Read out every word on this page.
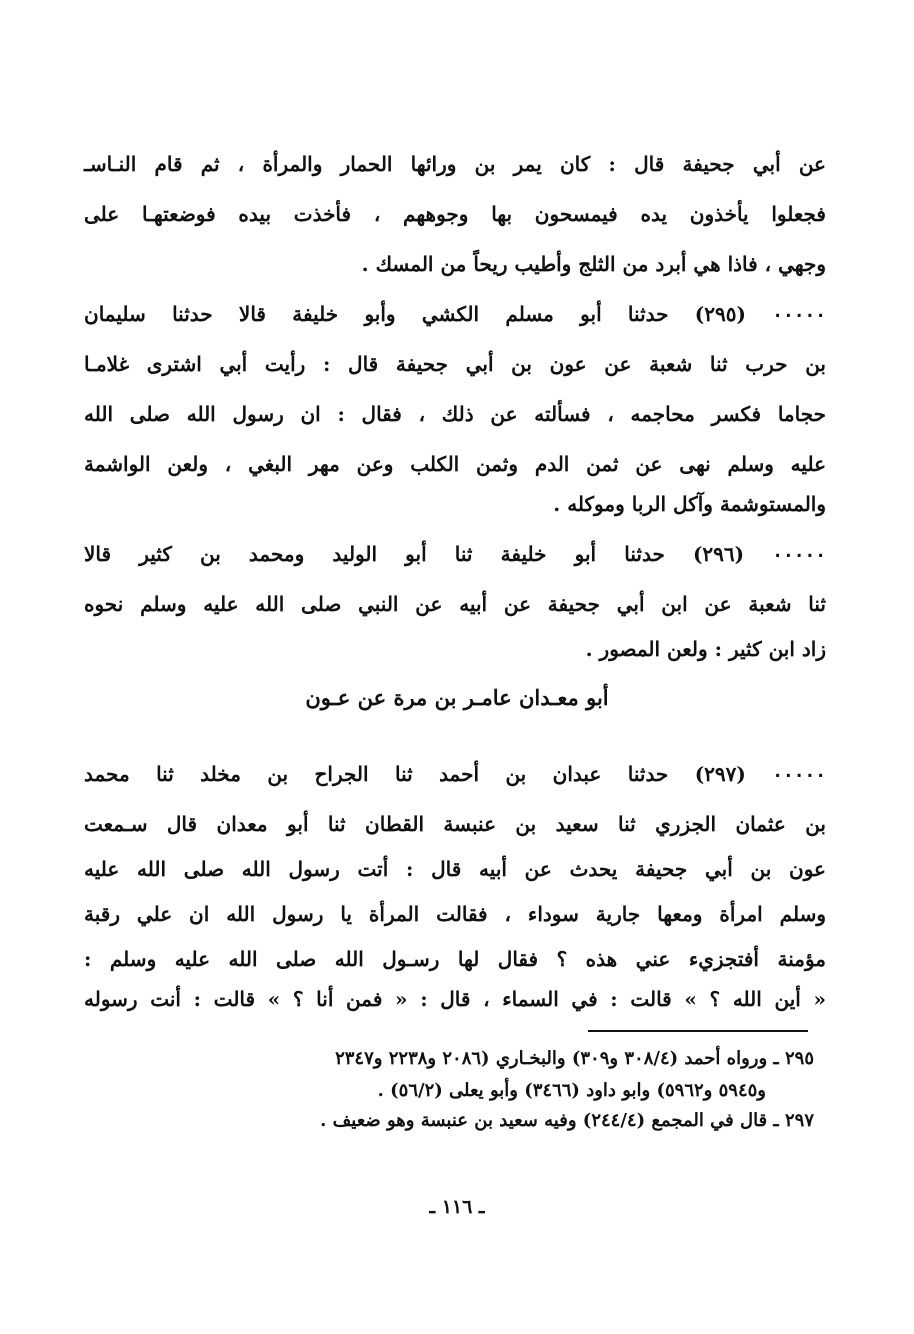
عن أبي جحيفة قال : كان يمر بن ورائها الحمار والمرأة ، ثم قام النـاسـ
فجعلوا يأخذون يده فيمسحون بها وجوههم ، فأخذت بيده فوضعتهـا على
وجهي ، فاذا هي أبرد من الثلج وأطيب ريحاً من المسك .
٠٠٠٠٠ (٢٩٥) حدثنا أبو مسلم الكشي وأبو خليفة قالا حدثنا سليمان
بن حرب ثنا شعبة عن عون بن أبي جحيفة قال : رأيت أبي اشترى غلامـا
حجاما فكسر محاجمه ، فسألته عن ذلك ، فقال : ان رسول الله صلى الله
عليه وسلم نهى عن ثمن الدم وثمن الكلب وعن مهر البغي ، ولعن الواشمة
والمستوشمة وآكل الربا وموكله .
٠٠٠٠٠ (٢٩٦) حدثنا أبو خليفة ثنا أبو الوليد ومحمد بن كثير قالا
ثنا شعبة عن ابن أبي جحيفة عن أبيه عن النبي صلى الله عليه وسلم نحوه
زاد ابن كثير : ولعن المصور .
أبو معـدان عامـر بن مرة عن عـون
٠٠٠٠٠ (٢٩٧) حدثنا عبدان بن أحمد ثنا الجراح بن مخلد ثنا محمد
بن عثمان الجزري ثنا سعيد بن عنبسة القطان ثنا أبو معدان قال سـمعت
عون بن أبي جحيفة يحدث عن أبيه قال : أتت رسول الله صلى الله عليه
وسلم امرأة ومعها جارية سوداء ، فقالت المرأة يا رسول الله ان علي رقبة
مؤمنة أفتجزيء عني هذه ؟ فقال لها رسـول الله صلى الله عليه وسلم :
« أين الله ؟ » قالت : في السماء ، قال : « فمن أنا ؟ » قالت : أنت رسوله
٢٩٥ ـ ورواه أحمد (٣٠٨/٤ و٣٠٩) والبخـاري (٢٠٨٦ و٢٢٣٨ و٢٣٤٧
و٥٩٤٥ و٥٩٦٢) وابو داود (٣٤٦٦) وأبو يعلى (٥٦/٢) .
٢٩٧ ـ قال في المجمع (٢٤٤/٤) وفيه سعيد بن عنبسة وهو ضعيف .
ـ ١١٦ ـ
